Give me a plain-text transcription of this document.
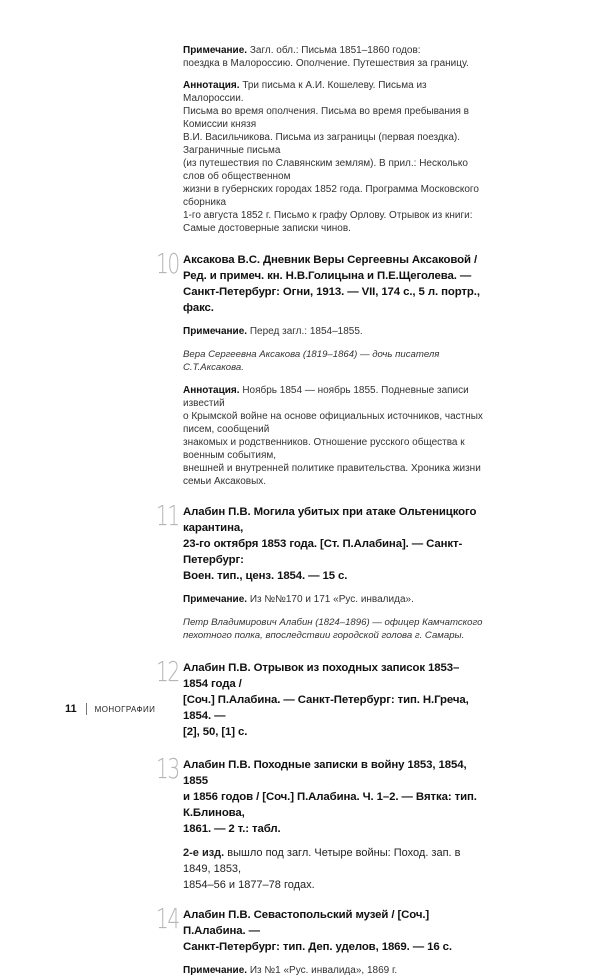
Примечание. Загл. обл.: Письма 1851–1860 годов:
поездка в Малороссию. Ополчение. Путешествия за границу.
Аннотация. Три письма к А.И. Кошелеву. Письма из Малороссии.
Письма во время ополчения. Письма во время пребывания в Комиссии князя
В.И. Васильчикова. Письма из заграницы (первая поездка). Заграничные письма
(из путешествия по Славянским землям). В прил.: Несколько слов об общественном
жизни в губернских городах 1852 года. Программа Московского сборника
1-го августа 1852 г. Письмо к графу Орлову. Отрывок из книги:
Самые достоверные записки чинов.
10 Аксакова В.С. Дневник Веры Сергеевны Аксаковой /
Ред. и примеч. кн. Н.В.Голицына и П.Е.Щеголева. —
Санкт-Петербург: Огни, 1913. — VII, 174 с., 5 л. портр., факс.
Примечание. Перед загл.: 1854–1855.
Вера Сергеевна Аксакова (1819–1864) — дочь писателя С.Т.Аксакова.
Аннотация. Ноябрь 1854 — ноябрь 1855. Подневные записи известий
о Крымской войне на основе официальных источников, частных писем, сообщений
знакомых и родственников. Отношение русского общества к военным событиям,
внешней и внутренней политике правительства. Хроника жизни семьи Аксаковых.
11 Алабин П.В. Могила убитых при атаке Ольтеницкого карантина,
23-го октября 1853 года. [Ст. П.Алабина]. — Санкт-Петербург:
Воен. тип., ценз. 1854. — 15 с.
Примечание. Из №№170 и 171 «Рус. инвалида».
Петр Владимирович Алабин (1824–1896) — офицер Камчатского
пехотного полка, впоследствии городской голова г. Самары.
12 Алабин П.В. Отрывок из походных записок 1853–1854 года /
[Соч.] П.Алабина. — Санкт-Петербург: тип. Н.Греча, 1854. —
[2], 50, [1] с.
13 Алабин П.В. Походные записки в войну 1853, 1854, 1855
и 1856 годов / [Соч.] П.Алабина. Ч. 1–2. — Вятка: тип. К.Блинова,
1861. — 2 т.: табл.
2-е изд. вышло под загл. Четыре войны: Поход. зап. в 1849, 1853,
1854–56 и 1877–78 годах.
14 Алабин П.В. Севастопольский музей / [Соч.] П.Алабина. —
Санкт-Петербург: тип. Деп. уделов, 1869. — 16 с.
Примечание. Из №1 «Рус. инвалида», 1869 г.
11 МОНОГРАФИИ
